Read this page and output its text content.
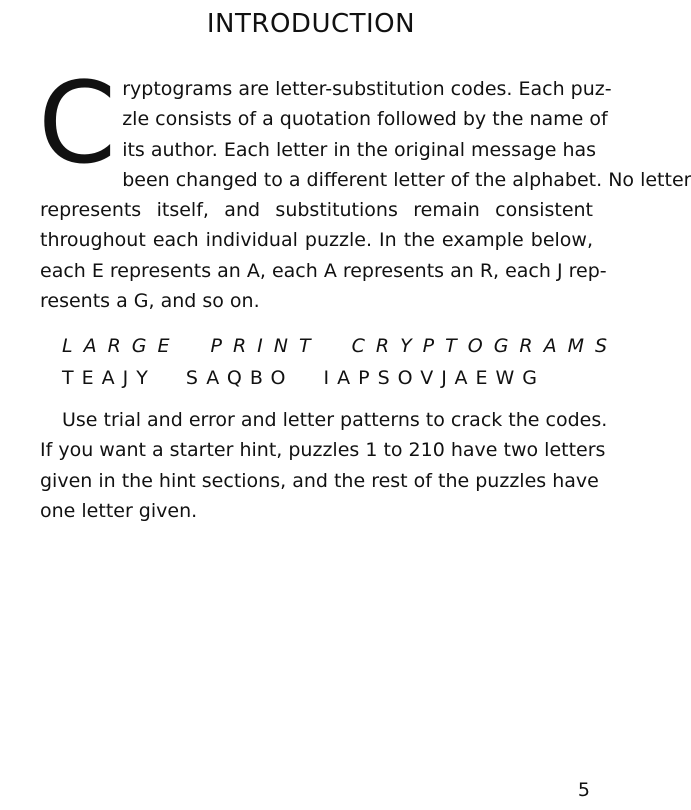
INTRODUCTION
C ryptograms are letter-substitution codes. Each puz-
zle consists of a quotation followed by the name of
its author. Each letter in the original message has
been changed to a different letter of the alphabet. No letter
represents itself, and substitutions remain consistent
throughout each individual puzzle. In the example below,
each E represents an A, each A represents an R, each J rep-
resents a G, and so on.
LARGE PRINT CRYPTOGRAMS
TEAJY SAQBO IAPSOVJAEWG
Use trial and error and letter patterns to crack the codes.
If you want a starter hint, puzzles 1 to 210 have two letters
given in the hint sections, and the rest of the puzzles have
one letter given.
5
